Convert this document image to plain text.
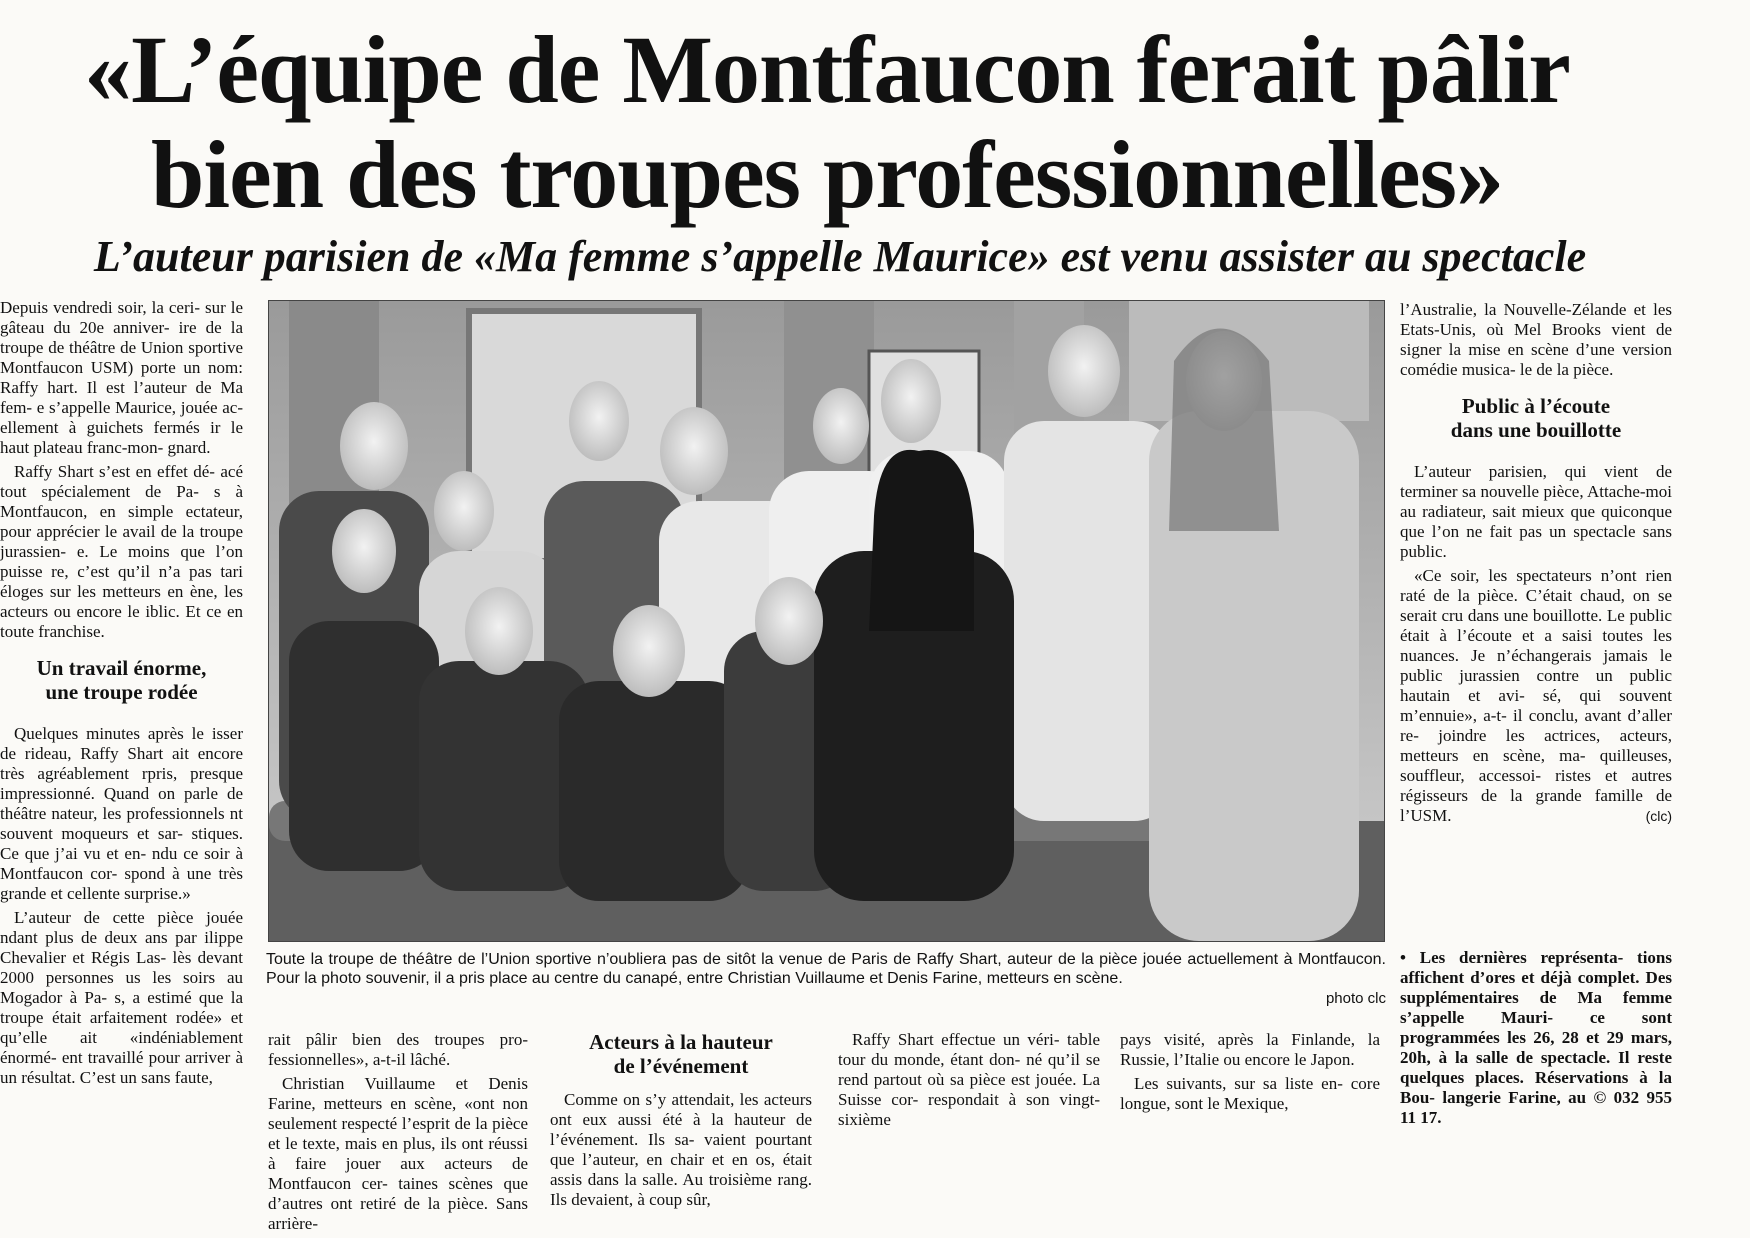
«L’équipe de Montfaucon ferait pâlir
bien des troupes professionnelles»
L’auteur parisien de «Ma femme s’appelle Maurice» est venu assister au spectacle

Depuis vendredi soir, la ceri- sur le gâteau du 20e anniver- ire de la troupe de théâtre de Union sportive Montfaucon USM) porte un nom: Raffy hart. Il est l’auteur de Ma fem- e s’appelle Maurice, jouée ac- ellement à guichets fermés ir le haut plateau franc-mon- gnard.

Raffy Shart s’est en effet dé- acé tout spécialement de Pa- s à Montfaucon, en simple ectateur, pour apprécier le avail de la troupe jurassien- e. Le moins que l’on puisse re, c’est qu’il n’a pas tari éloges sur les metteurs en ène, les acteurs ou encore le iblic. Et ce en toute franchise.

Un travail énorme,
une troupe rodée

Quelques minutes après le isser de rideau, Raffy Shart ait encore très agréablement rpris, presque impressionné. Quand on parle de théâtre nateur, les professionnels nt souvent moqueurs et sar- stiques. Ce que j’ai vu et en- ndu ce soir à Montfaucon cor- spond à une très grande et cellente surprise.»

L’auteur de cette pièce jouée ndant plus de deux ans par ilippe Chevalier et Régis Las- lès devant 2000 personnes us les soirs au Mogador à Pa- s, a estimé que la troupe était arfaitement rodée» et qu’elle ait «indéniablement énormé- ent travaillé pour arriver à un résultat. C’est un sans faute,

Toute la troupe de théâtre de l’Union sportive n’oubliera pas de sitôt la venue de Paris de Raffy Shart, auteur de la pièce jouée actuellement à Montfaucon. Pour la photo souvenir, il a pris place au centre du canapé, entre Christian Vuillaume et Denis Farine, metteurs en scène.

photo clc

l’Australie, la Nouvelle-Zélande et les Etats-Unis, où Mel Brooks vient de signer la mise en scène d’une version comédie musica- le de la pièce.

Public à l’écoute
dans une bouillotte

L’auteur parisien, qui vient de terminer sa nouvelle pièce, Attache-moi au radiateur, sait mieux que quiconque que l’on ne fait pas un spectacle sans public.

«Ce soir, les spectateurs n’ont rien raté de la pièce. C’était chaud, on se serait cru dans une bouillotte. Le public était à l’écoute et a saisi toutes les nuances. Je n’échangerais jamais le public jurassien contre un public hautain et avi- sé, qui souvent m’ennuie», a-t- il conclu, avant d’aller re- joindre les actrices, acteurs, metteurs en scène, ma- quilleuses, souffleur, accessoi- ristes et autres régisseurs de la grande famille de l’USM.	(clc)

• Les dernières représenta- tions affichent d’ores et déjà complet. Des supplémentaires de Ma femme s’appelle Mauri- ce sont programmées les 26, 28 et 29 mars, 20h, à la salle de spectacle. Il reste quelques places. Réservations à la Bou- langerie Farine, au © 032 955 11 17.

rait pâlir bien des troupes pro- fessionnelles», a-t-il lâché.

Christian Vuillaume et Denis Farine, metteurs en scène, «ont non seulement respecté l’esprit de la pièce et le texte, mais en plus, ils ont réussi à faire jouer aux acteurs de Montfaucon cer- taines scènes que d’autres ont retiré de la pièce. Sans arrière-

Acteurs à la hauteur
de l’événement

Comme on s’y attendait, les acteurs ont eux aussi été à la hauteur de l’événement. Ils sa- vaient pourtant que l’auteur, en chair et en os, était assis dans la salle. Au troisième rang. Ils devaient, à coup sûr,

Raffy Shart effectue un véri- table tour du monde, étant don- né qu’il se rend partout où sa pièce est jouée. La Suisse cor- respondait à son vingt-sixième

pays visité, après la Finlande, la Russie, l’Italie ou encore le Japon.

Les suivants, sur sa liste en- core longue, sont le Mexique,
